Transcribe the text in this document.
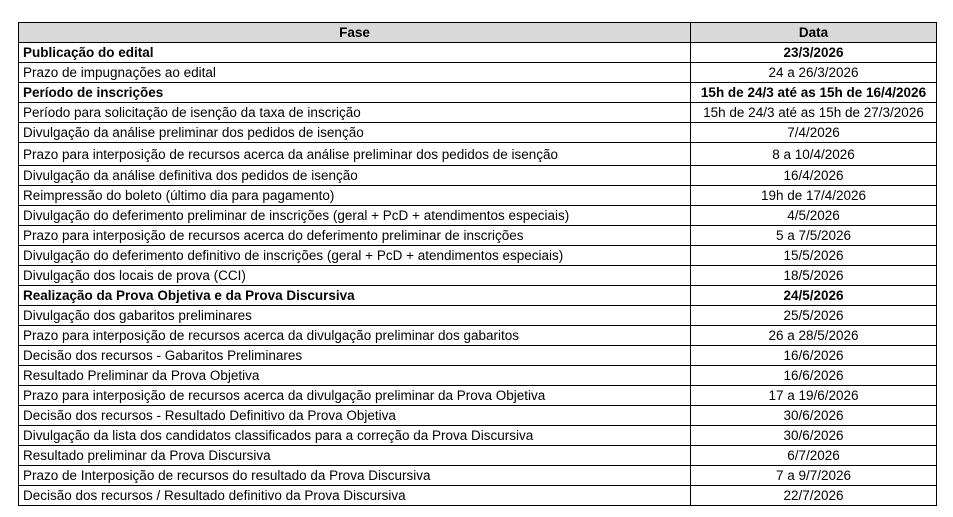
Fase	Data
Publicação do edital	23/3/2026
Prazo de impugnações ao edital	24 a 26/3/2026
Período de inscrições	15h de 24/3 até as 15h de 16/4/2026
Período para solicitação de isenção da taxa de inscrição	15h de 24/3 até as 15h de 27/3/2026
Divulgação da análise preliminar dos pedidos de isenção	7/4/2026
Prazo para interposição de recursos acerca da análise preliminar dos pedidos de isenção	8 a 10/4/2026
Divulgação da análise definitiva dos pedidos de isenção	16/4/2026
Reimpressão do boleto (último dia para pagamento)	19h de 17/4/2026
Divulgação do deferimento preliminar de inscrições (geral + PcD + atendimentos especiais)	4/5/2026
Prazo para interposição de recursos acerca do deferimento preliminar de inscrições	5 a 7/5/2026
Divulgação do deferimento definitivo de inscrições (geral + PcD + atendimentos especiais)	15/5/2026
Divulgação dos locais de prova (CCI)	18/5/2026
Realização da Prova Objetiva e da Prova Discursiva	24/5/2026
Divulgação dos gabaritos preliminares	25/5/2026
Prazo para interposição de recursos acerca da divulgação preliminar dos gabaritos	26 a 28/5/2026
Decisão dos recursos - Gabaritos Preliminares	16/6/2026
Resultado Preliminar da Prova Objetiva	16/6/2026
Prazo para interposição de recursos acerca da divulgação preliminar da Prova Objetiva	17 a 19/6/2026
Decisão dos recursos - Resultado Definitivo da Prova Objetiva	30/6/2026
Divulgação da lista dos candidatos classificados para a correção da Prova Discursiva	30/6/2026
Resultado preliminar da Prova Discursiva	6/7/2026
Prazo de Interposição de recursos do resultado da Prova Discursiva	7 a 9/7/2026
Decisão dos recursos / Resultado definitivo da Prova Discursiva	22/7/2026
